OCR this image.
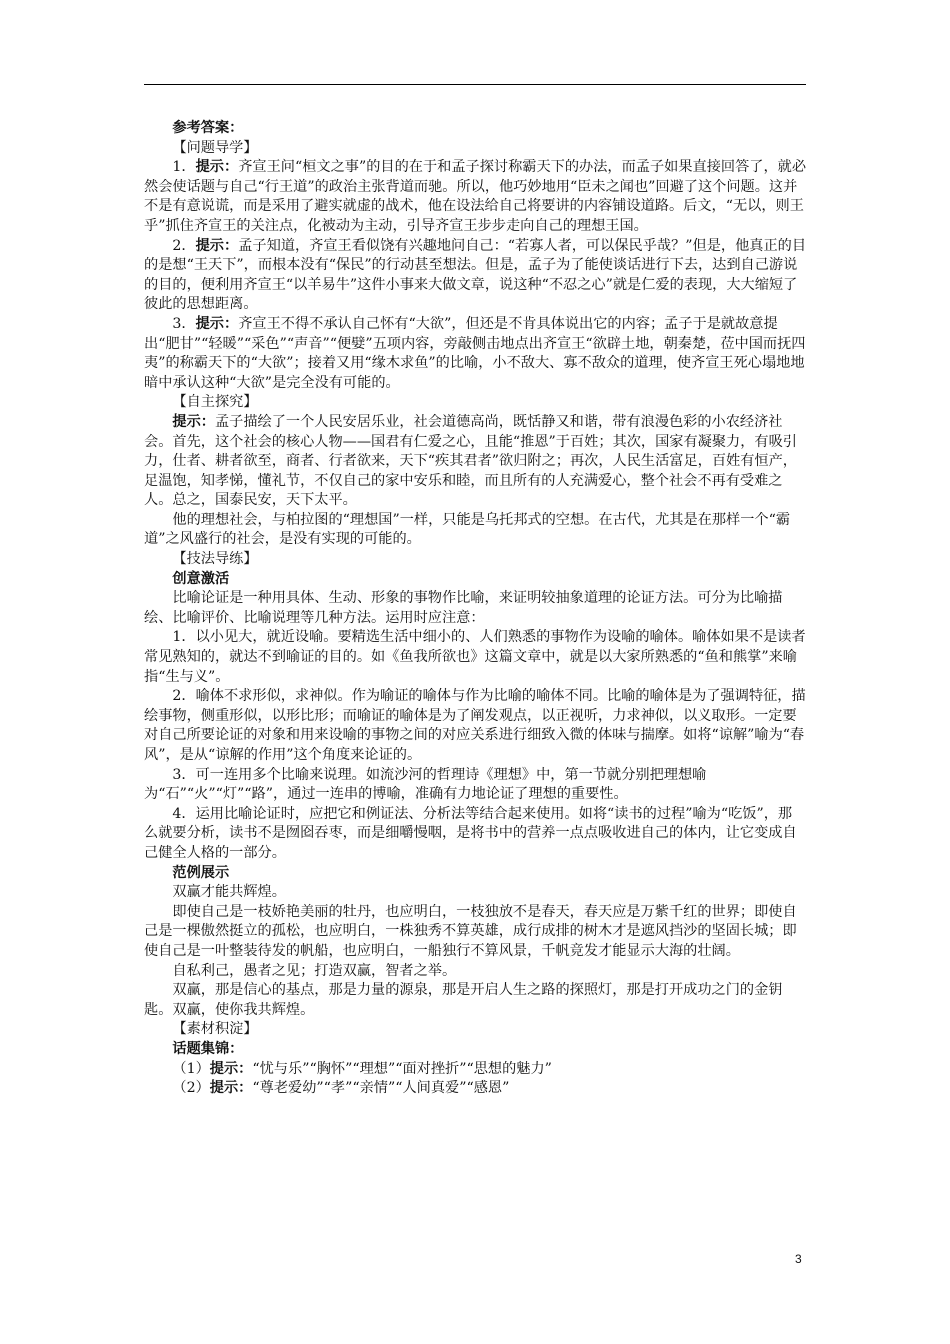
参考答案：

【问题导学】

1．提示：齐宣王问“桓文之事”的目的在于和孟子探讨称霸天下的办法，而孟子如果直接回答了，就必然会使话题与自己“行王道”的政治主张背道而驰。所以，他巧妙地用“臣未之闻也”回避了这个问题。这并不是有意说谎，而是采用了避实就虚的战术，他在设法给自己将要讲的内容铺设道路。后文，“无以，则王乎”抓住齐宣王的关注点，化被动为主动，引导齐宣王步步走向自己的理想王国。

2．提示：孟子知道，齐宣王看似饶有兴趣地问自己：“若寡人者，可以保民乎哉？”但是，他真正的目的是想“王天下”，而根本没有“保民”的行动甚至想法。但是，孟子为了能使谈话进行下去，达到自己游说的目的，便利用齐宣王“以羊易牛”这件小事来大做文章，说这种“不忍之心”就是仁爱的表现，大大缩短了彼此的思想距离。

3．提示：齐宣王不得不承认自己怀有“大欲”，但还是不肯具体说出它的内容；孟子于是就故意提出“肥甘”“轻暖”“采色”“声音”“便嬖”五项内容，旁敲侧击地点出齐宣王“欲辟土地，朝秦楚，莅中国而抚四夷”的称霸天下的“大欲”；接着又用“缘木求鱼”的比喻，小不敌大、寡不敌众的道理，使齐宣王死心塌地地暗中承认这种“大欲”是完全没有可能的。

【自主探究】

提示：孟子描绘了一个人民安居乐业，社会道德高尚，既恬静又和谐，带有浪漫色彩的小农经济社会。首先，这个社会的核心人物——国君有仁爱之心，且能“推恩”于百姓；其次，国家有凝聚力，有吸引力，仕者、耕者欲至，商者、行者欲来，天下“疾其君者”欲归附之；再次，人民生活富足，百姓有恒产，足温饱，知孝悌，懂礼节，不仅自己的家中安乐和睦，而且所有的人充满爱心，整个社会不再有受难之人。总之，国泰民安，天下太平。

他的理想社会，与柏拉图的“理想国”一样，只能是乌托邦式的空想。在古代，尤其是在那样一个“霸道”之风盛行的社会，是没有实现的可能的。

【技法导练】

创意激活

比喻论证是一种用具体、生动、形象的事物作比喻，来证明较抽象道理的论证方法。可分为比喻描绘、比喻评价、比喻说理等几种方法。运用时应注意：

1．以小见大，就近设喻。要精选生活中细小的、人们熟悉的事物作为设喻的喻体。喻体如果不是读者常见熟知的，就达不到喻证的目的。如《鱼我所欲也》这篇文章中，就是以大家所熟悉的“鱼和熊掌”来喻指“生与义”。

2．喻体不求形似，求神似。作为喻证的喻体与作为比喻的喻体不同。比喻的喻体是为了强调特征，描绘事物，侧重形似，以形比形；而喻证的喻体是为了阐发观点，以正视听，力求神似，以义取形。一定要对自己所要论证的对象和用来设喻的事物之间的对应关系进行细致入微的体味与揣摩。如将“谅解”喻为“春风”，是从“谅解的作用”这个角度来论证的。

3．可一连用多个比喻来说理。如流沙河的哲理诗《理想》中，第一节就分别把理想喻为“石”“火”“灯”“路”，通过一连串的博喻，准确有力地论证了理想的重要性。

4．运用比喻论证时，应把它和例证法、分析法等结合起来使用。如将“读书的过程”喻为“吃饭”，那么就要分析，读书不是囫囵吞枣，而是细嚼慢咽，是将书中的营养一点点吸收进自己的体内，让它变成自己健全人格的一部分。

范例展示

双赢才能共辉煌。

即使自己是一枝娇艳美丽的牡丹，也应明白，一枝独放不是春天，春天应是万紫千红的世界；即使自己是一棵傲然挺立的孤松，也应明白，一株独秀不算英雄，成行成排的树木才是遮风挡沙的坚固长城；即使自己是一叶整装待发的帆船，也应明白，一船独行不算风景，千帆竞发才能显示大海的壮阔。

自私利己，愚者之见；打造双赢，智者之举。

双赢，那是信心的基点，那是力量的源泉，那是开启人生之路的探照灯，那是打开成功之门的金钥匙。双赢，使你我共辉煌。

【素材积淀】

话题集锦：

（1）提示：“忧与乐”“胸怀”“理想”“面对挫折”“思想的魅力”

（2）提示：“尊老爱幼”“孝”“亲情”“人间真爱”“感恩”

3
